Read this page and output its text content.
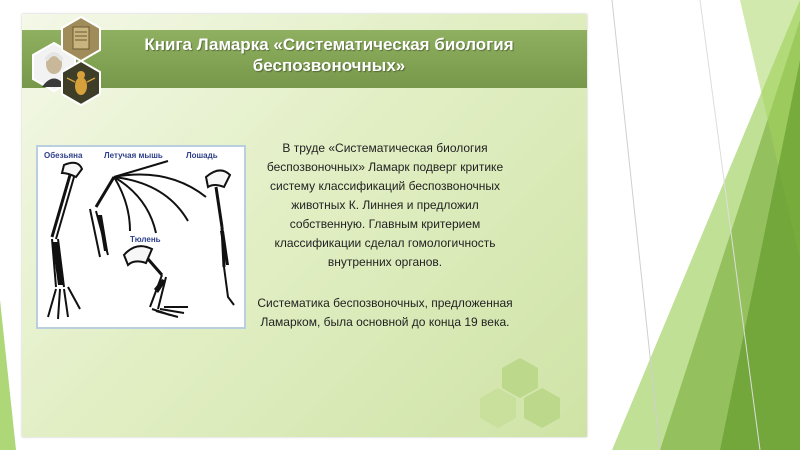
Книга Ламарка «Систематическая биология беспозвоночных»
Обезьяна	Летучая мышь	Лошадь
Тюлень

В труде «Систематическая биология беспозвоночных» Ламарк подверг критике систему классификаций беспозвоночных животных К. Линнея и предложил собственную. Главным критерием классификации сделал гомологичность внутренних органов.

Систематика беспозвоночных, предложенная Ламарком, была основной до конца 19 века.
